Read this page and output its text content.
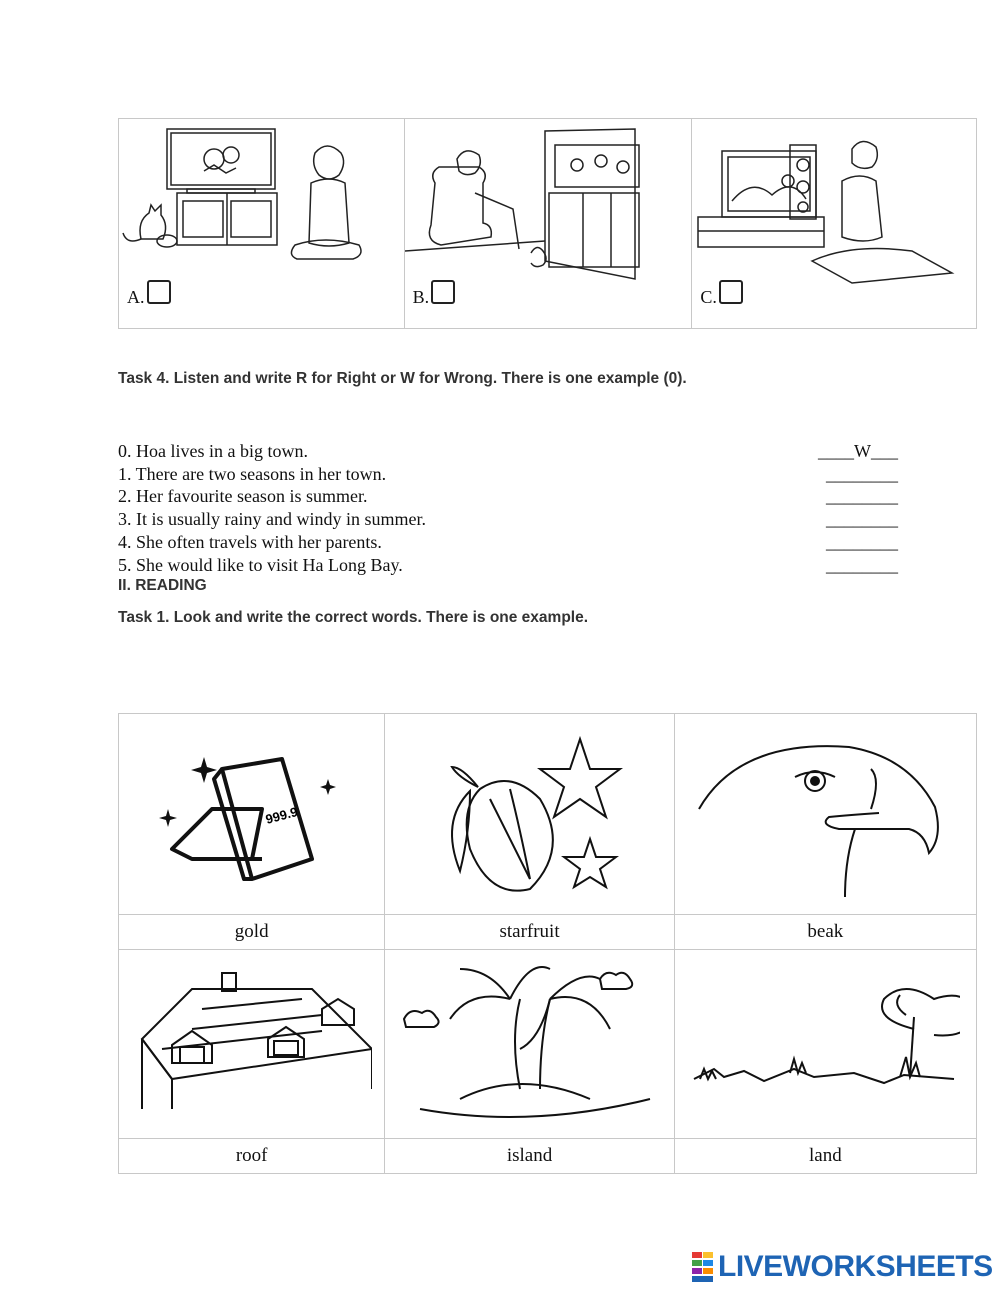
A.	B.	C.
Task 4. Listen and write R for Right or W for Wrong. There is one example (0).
0. Hoa lives in a big town.	____W___
1. There are two seasons in her town.	________
2. Her favourite season is summer.	________
3. It is usually rainy and windy in summer.	________
4. She often travels with her parents.	________
5. She would like to visit Ha Long Bay.	________
II. READING
Task 1. Look and write the correct words. There is one example.
999.9

gold	starfruit	beak

roof	island	land
LIVEWORKSHEETS
